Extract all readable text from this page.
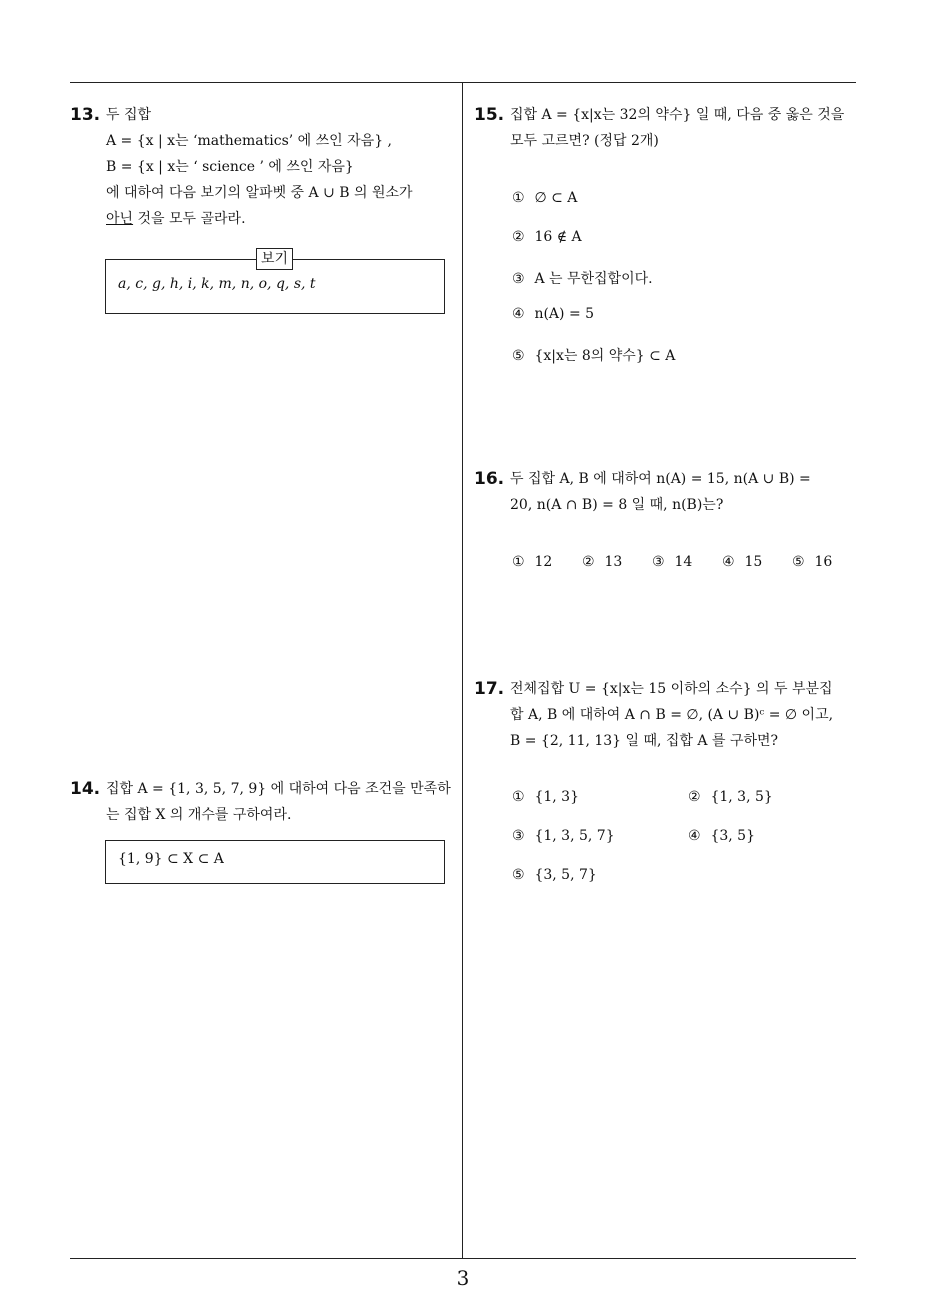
13. 두 집합
A = {x | x는 ‘mathematics’ 에 쓰인 자음} ,
B = {x | x는 ‘ science ’ 에 쓰인 자음}
에 대하여 다음 보기의 알파벳 중 A ∪ B 의 원소가
아닌 것을 모두 골라라.
a, c, g, h, i, k, m, n, o, q, s, t
보기
14. 집합 A = {1, 3, 5, 7, 9} 에 대하여 다음 조건을 만족하
는 집합 X 의 개수를 구하여라.
{1, 9} ⊂ X ⊂ A
15. 집합 A = {x|x는 32의 약수} 일 때, 다음 중 옳은 것을
모두 고르면? (정답 2개)
① ∅ ⊂ A
② 16 ∉ A
③ A 는 무한집합이다.
④ n(A) = 5
⑤ {x|x는 8의 약수} ⊂ A
16. 두 집합 A, B 에 대하여 n(A) = 15, n(A ∪ B) =
20, n(A ∩ B) = 8 일 때, n(B)는?
① 12 ② 13 ③ 14 ④ 15 ⑤ 16
17. 전체집합 U = {x|x는 15 이하의 소수} 의 두 부분집
합 A, B 에 대하여 A ∩ B = ∅, (A ∪ B)ᶜ = ∅ 이고,
B = {2, 11, 13} 일 때, 집합 A 를 구하면?
① {1, 3}	② {1, 3, 5}
③ {1, 3, 5, 7}	④ {3, 5}
⑤ {3, 5, 7}
3
